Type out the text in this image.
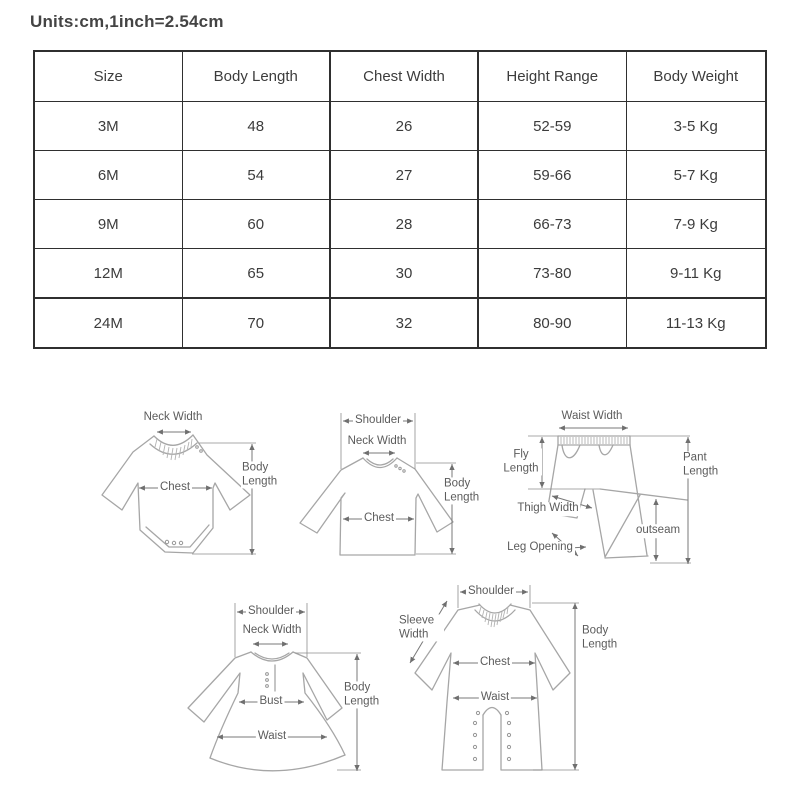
Units:cm,1inch=2.54cm
Size	Body Length	Chest Width	Height Range	Body Weight
3M	48	26	52-59	3-5 Kg
6M	54	27	59-66	5-7 Kg
9M	60	28	66-73	7-9 Kg
12M	65	30	73-80	9-11 Kg
24M	70	32	80-90	11-13 Kg
Neck Width
Chest
Body Length
Shoulder
Neck Width
Chest
Body Length
Waist Width
Fly Length
Pant Length
Thigh Width
outseam
Leg Opening
Shoulder
Neck Width
Bust
Waist
Body Length
Shoulder
Sleeve Width
Chest
Waist
Body Length
